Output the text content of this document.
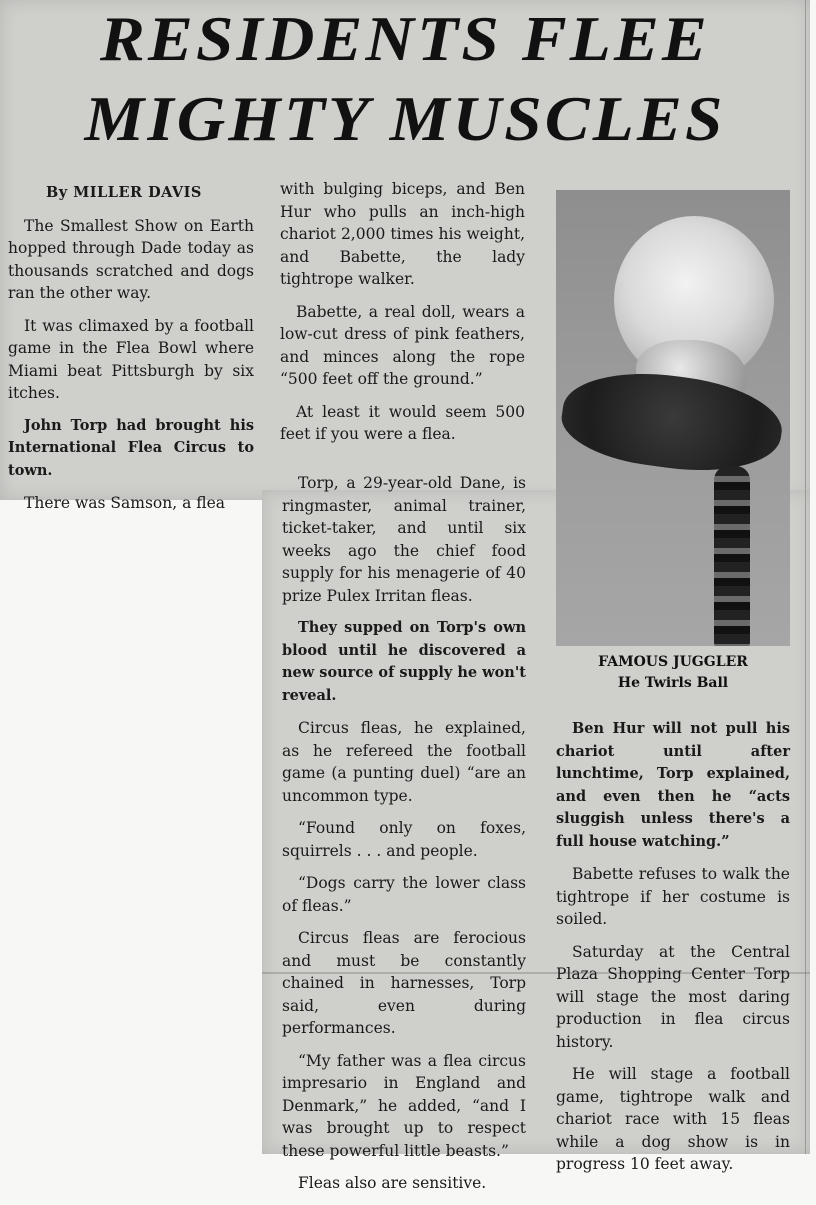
RESIDENTS FLEE
MIGHTY MUSCLES

By MILLER DAVIS

The Smallest Show on Earth hopped through Dade today as thousands scratched and dogs ran the other way.

It was climaxed by a football game in the Flea Bowl where Miami beat Pittsburgh by six itches.

John Torp had brought his International Flea Circus to town.

There was Samson, a flea

with bulging biceps, and Ben Hur who pulls an inch-high chariot 2,000 times his weight, and Babette, the lady tightrope walker.

Babette, a real doll, wears a low-cut dress of pink feathers, and minces along the rope “500 feet off the ground.”

At least it would seem 500 feet if you were a flea.

Torp, a 29-year-old Dane, is ringmaster, animal trainer, ticket-taker, and until six weeks ago the chief food supply for his menagerie of 40 prize Pulex Irritan fleas.

They supped on Torp's own blood until he discovered a new source of supply he won't reveal.

Circus fleas, he explained, as he refereed the football game (a punting duel) “are an uncommon type.

“Found only on foxes, squirrels . . . and people.

“Dogs carry the lower class of fleas.”

Circus fleas are ferocious and must be constantly chained in harnesses, Torp said, even during performances.

“My father was a flea circus impresario in England and Denmark,” he added, “and I was brought up to respect these powerful little beasts.”

Fleas also are sensitive.

FAMOUS JUGGLER
He Twirls Ball

Ben Hur will not pull his chariot until after lunchtime, Torp explained, and even then he “acts sluggish unless there's a full house watching.”

Babette refuses to walk the tightrope if her costume is soiled.

Saturday at the Central Plaza Shopping Center Torp will stage the most daring production in flea circus history.

He will stage a football game, tightrope walk and chariot race with 15 fleas while a dog show is in progress 10 feet away.
